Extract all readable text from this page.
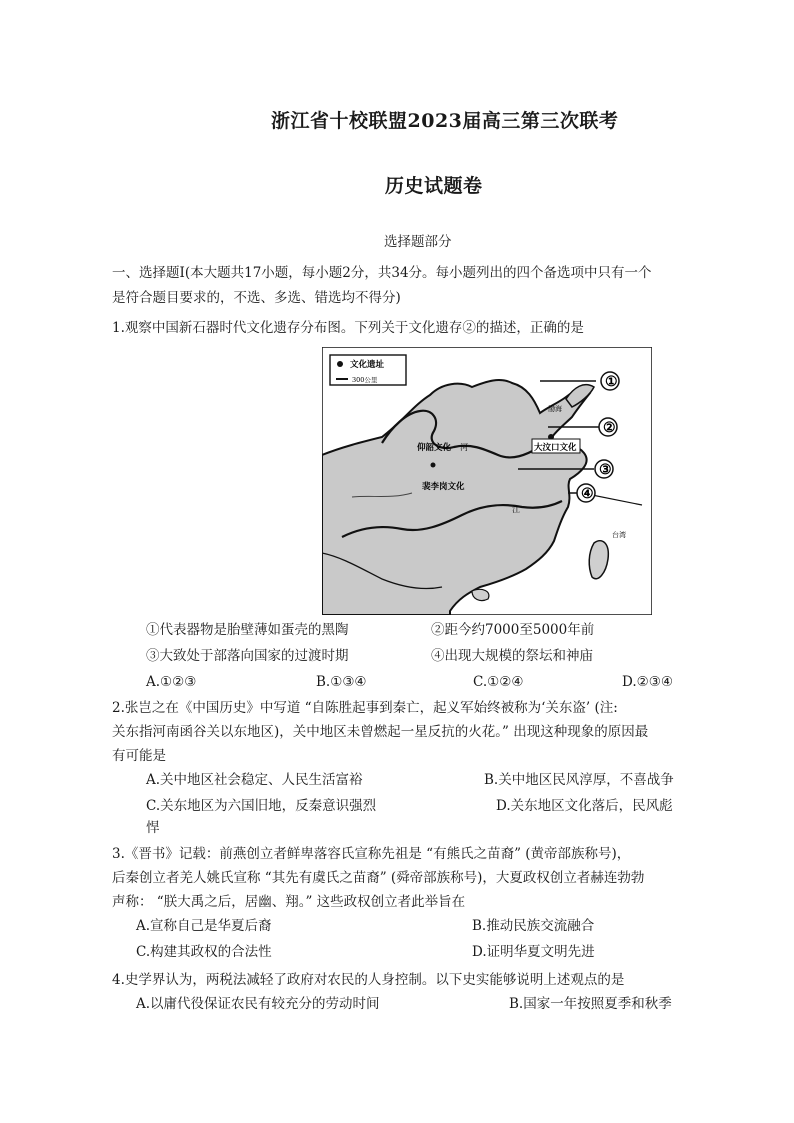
浙江省十校联盟2023届高三第三次联考
历史试题卷
选择题部分
一、选择题Ⅰ(本大题共17小题，每小题2分，共34分。每小题列出的四个备选项中只有一个
是符合题目要求的，不选、多选、错选均不得分)
1.观察中国新石器时代文化遗存分布图。下列关于文化遗存②的描述，正确的是
文化遗址
300公里	①
②
③
④
大汶口文化
仰韶文化
裴李岗文化
河
江
渤海
台湾
①代表器物是胎壁薄如蛋壳的黑陶	②距今约7000至5000年前
③大致处于部落向国家的过渡时期	④出现大规模的祭坛和神庙
A.①②③	B.①③④	C.①②④	D.②③④
2.张岂之在《中国历史》中写道 “自陈胜起事到秦亡，起义军始终被称为‘关东盗’ (注:
关东指河南函谷关以东地区)，关中地区未曾燃起一星反抗的火花。” 出现这种现象的原因最
有可能是
A.关中地区社会稳定、人民生活富裕	B.关中地区民风淳厚，不喜战争
C.关东地区为六国旧地，反秦意识强烈	D.关东地区文化落后，民风彪
悍
3.《晋书》记载：前燕创立者鲜卑落容氏宣称先祖是 “有熊氏之苗裔” (黄帝部族称号)，
后秦创立者羌人姚氏宣称 “其先有虞氏之苗裔” (舜帝部族称号)，大夏政权创立者赫连勃勃
声称： “朕大禹之后，居幽、翔。” 这些政权创立者此举旨在
A.宣称自己是华夏后裔	B.推动民族交流融合
C.构建其政权的合法性	D.证明华夏文明先进
4.史学界认为，两税法减轻了政府对农民的人身控制。以下史实能够说明上述观点的是
A.以庸代役保证农民有较充分的劳动时间	B.国家一年按照夏季和秋季
